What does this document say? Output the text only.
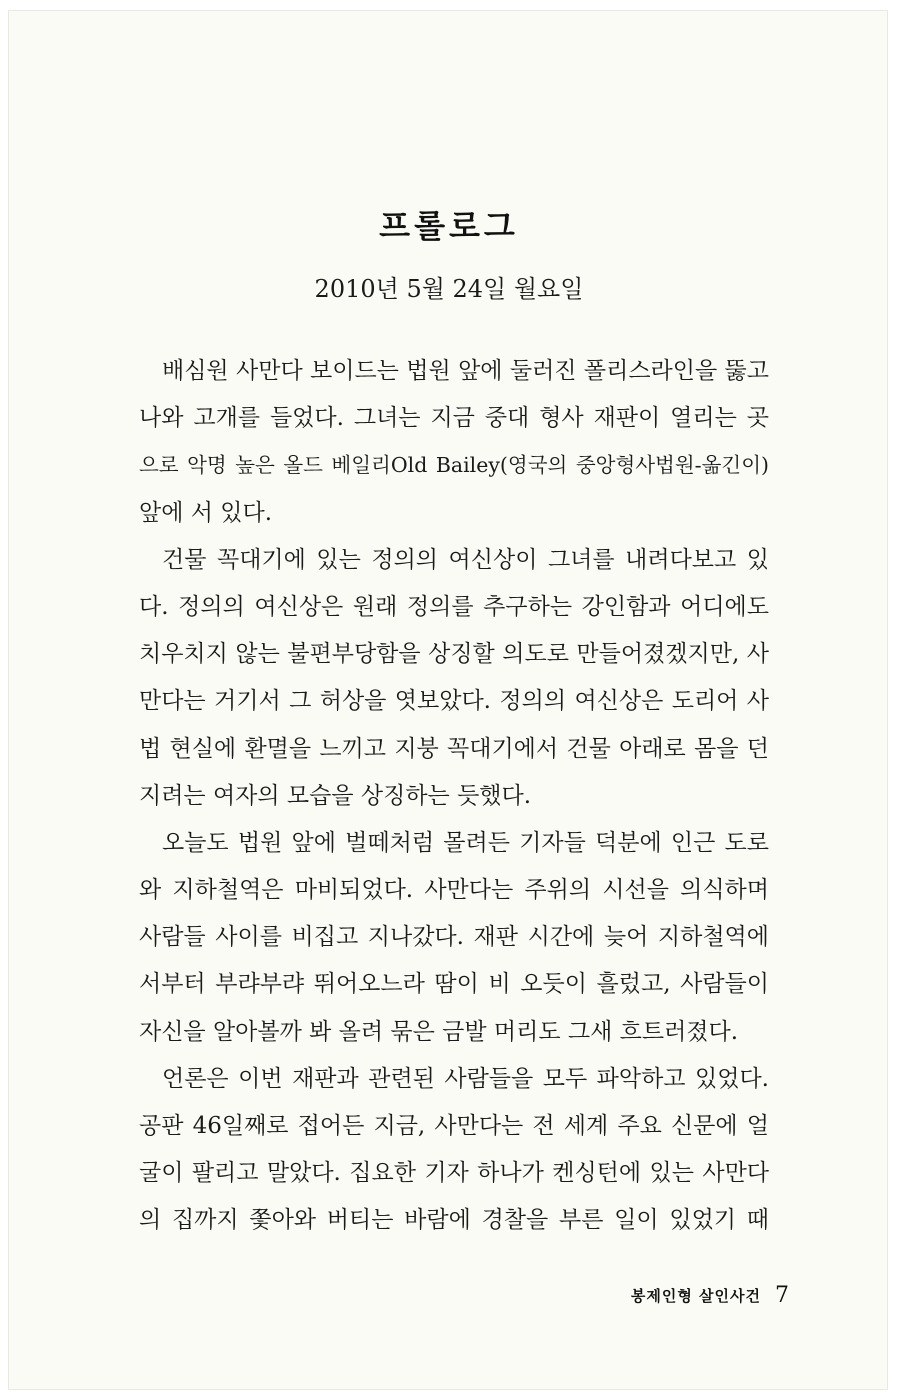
프롤로그

2010년 5월 24일 월요일

배심원 사만다 보이드는 법원 앞에 둘러진 폴리스라인을 뚫고
나와 고개를 들었다. 그녀는 지금 중대 형사 재판이 열리는 곳
으로 악명 높은 올드 베일리Old Bailey(영국의 중앙형사법원-옮긴이)
앞에 서 있다.
건물 꼭대기에 있는 정의의 여신상이 그녀를 내려다보고 있
다. 정의의 여신상은 원래 정의를 추구하는 강인함과 어디에도
치우치지 않는 불편부당함을 상징할 의도로 만들어졌겠지만, 사
만다는 거기서 그 허상을 엿보았다. 정의의 여신상은 도리어 사
법 현실에 환멸을 느끼고 지붕 꼭대기에서 건물 아래로 몸을 던
지려는 여자의 모습을 상징하는 듯했다.
오늘도 법원 앞에 벌떼처럼 몰려든 기자들 덕분에 인근 도로
와 지하철역은 마비되었다. 사만다는 주위의 시선을 의식하며
사람들 사이를 비집고 지나갔다. 재판 시간에 늦어 지하철역에
서부터 부랴부랴 뛰어오느라 땀이 비 오듯이 흘렀고, 사람들이
자신을 알아볼까 봐 올려 묶은 금발 머리도 그새 흐트러졌다.
언론은 이번 재판과 관련된 사람들을 모두 파악하고 있었다.
공판 46일째로 접어든 지금, 사만다는 전 세계 주요 신문에 얼
굴이 팔리고 말았다. 집요한 기자 하나가 켄싱턴에 있는 사만다
의 집까지 쫓아와 버티는 바람에 경찰을 부른 일이 있었기 때
봉제인형 살인사건 7
